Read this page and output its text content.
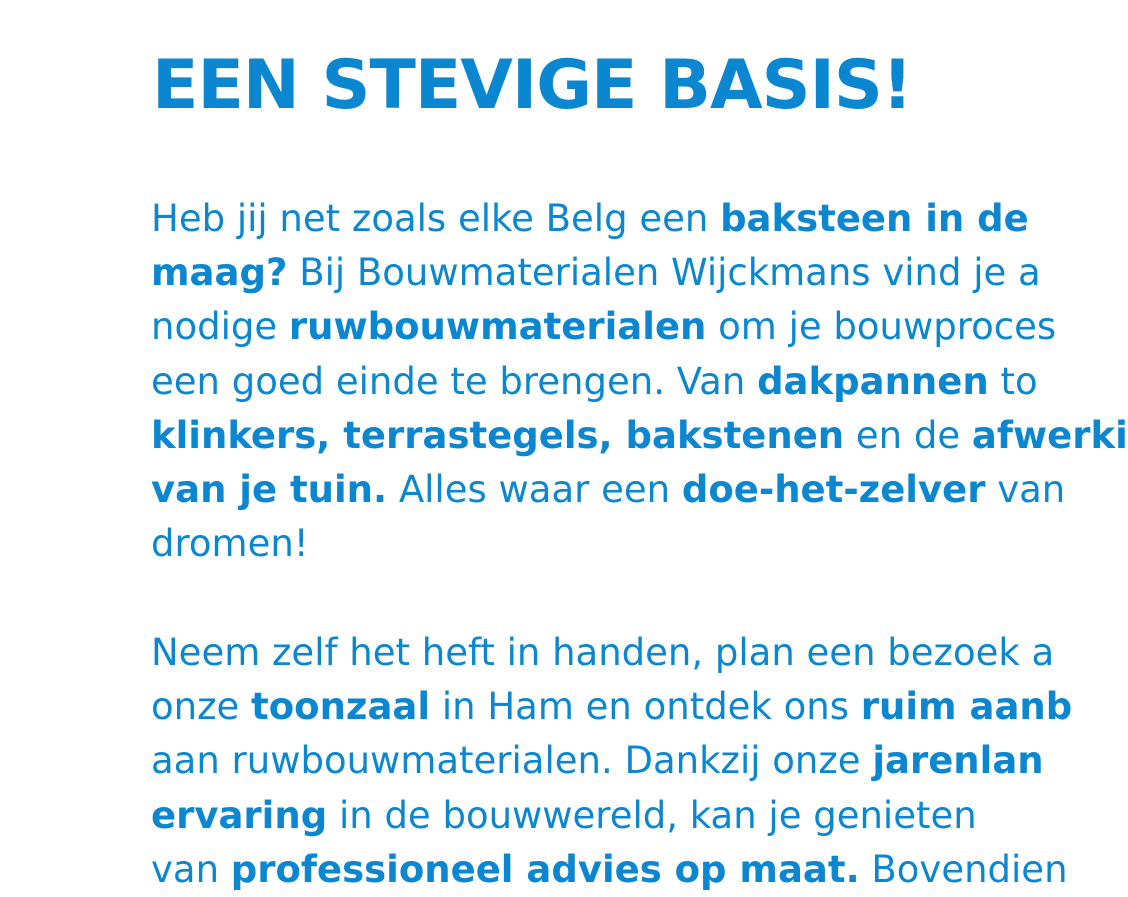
EEN STEVIGE BASIS!
Heb jij net zoals elke Belg een baksteen in de
maag? Bij Bouwmaterialen Wijckmans vind je a
nodige ruwbouwmaterialen om je bouwproces
een goed einde te brengen. Van dakpannen to
klinkers, terrastegels, bakstenen en de afwerki
van je tuin. Alles waar een doe-het-zelver van
dromen!
Neem zelf het heft in handen, plan een bezoek a
onze toonzaal in Ham en ontdek ons ruim aanb
aan ruwbouwmaterialen. Dankzij onze jarenlan
ervaring in de bouwwereld, kan je genieten
van professioneel advies op maat. Bovendien
